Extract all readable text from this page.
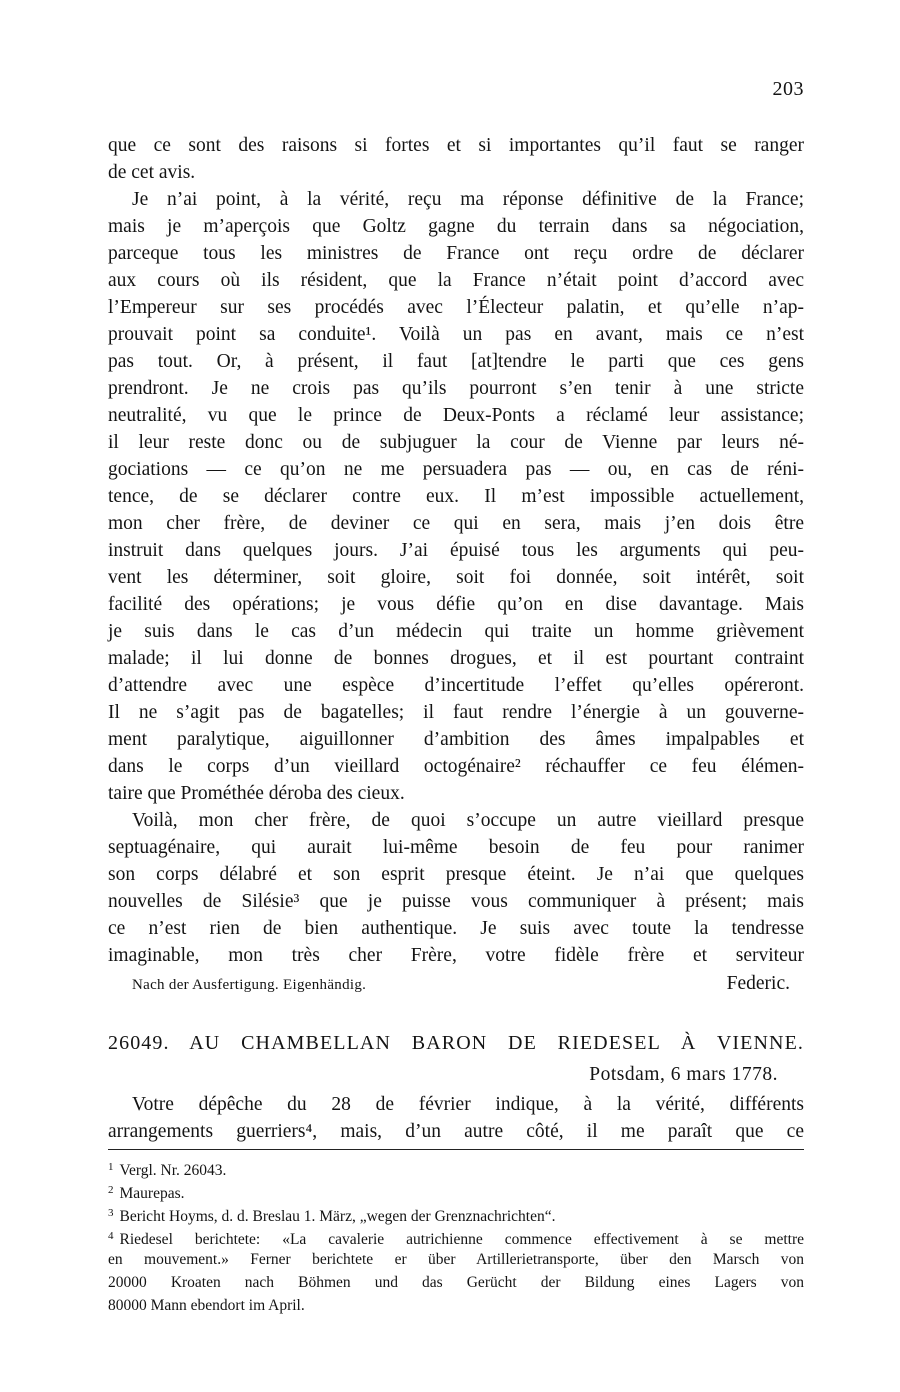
203
que ce sont des raisons si fortes et si importantes qu’il faut se ranger
de cet avis.
Je n’ai point, à la vérité, reçu ma réponse définitive de la France;
mais je m’aperçois que Goltz gagne du terrain dans sa négociation,
parceque tous les ministres de France ont reçu ordre de déclarer
aux cours où ils résident, que la France n’était point d’accord avec
l’Empereur sur ses procédés avec l’Électeur palatin, et qu’elle n’ap-
prouvait point sa conduite¹. Voilà un pas en avant, mais ce n’est
pas tout. Or, à présent, il faut [at]tendre le parti que ces gens
prendront. Je ne crois pas qu’ils pourront s’en tenir à une stricte
neutralité, vu que le prince de Deux-Ponts a réclamé leur assistance;
il leur reste donc ou de subjuguer la cour de Vienne par leurs né-
gociations — ce qu’on ne me persuadera pas — ou, en cas de réni-
tence, de se déclarer contre eux. Il m’est impossible actuellement,
mon cher frère, de deviner ce qui en sera, mais j’en dois être
instruit dans quelques jours. J’ai épuisé tous les arguments qui peu-
vent les déterminer, soit gloire, soit foi donnée, soit intérêt, soit
facilité des opérations; je vous défie qu’on en dise davantage. Mais
je suis dans le cas d’un médecin qui traite un homme grièvement
malade; il lui donne de bonnes drogues, et il est pourtant contraint
d’attendre avec une espèce d’incertitude l’effet qu’elles opéreront.
Il ne s’agit pas de bagatelles; il faut rendre l’énergie à un gouverne-
ment paralytique, aiguillonner d’ambition des âmes impalpables et
dans le corps d’un vieillard octogénaire² réchauffer ce feu élémen-
taire que Prométhée déroba des cieux.
Voilà, mon cher frère, de quoi s’occupe un autre vieillard presque
septuagénaire, qui aurait lui-même besoin de feu pour ranimer
son corps délabré et son esprit presque éteint. Je n’ai que quelques
nouvelles de Silésie³ que je puisse vous communiquer à présent; mais
ce n’est rien de bien authentique. Je suis avec toute la tendresse
imaginable, mon très cher Frère, votre fidèle frère et serviteur
Nach der Ausfertigung. Eigenhändig.	Federic.
26049. AU CHAMBELLAN BARON DE RIEDESEL À VIENNE.
Potsdam, 6 mars 1778.
Votre dépêche du 28 de février indique, à la vérité, différents
arrangements guerriers⁴, mais, d’un autre côté, il me paraît que ce
$^1$ Vergl. Nr. 26043.
$^2$ Maurepas.
$^3$ Bericht Hoyms, d. d. Breslau 1. März, „wegen der Grenznachrichten“.
$^4$ Riedesel berichtete: «La cavalerie autrichienne commence effectivement à se mettre
en mouvement.» Ferner berichtete er über Artillerietransporte, über den Marsch von
20000 Kroaten nach Böhmen und das Gerücht der Bildung eines Lagers von
80000 Mann ebendort im April.
